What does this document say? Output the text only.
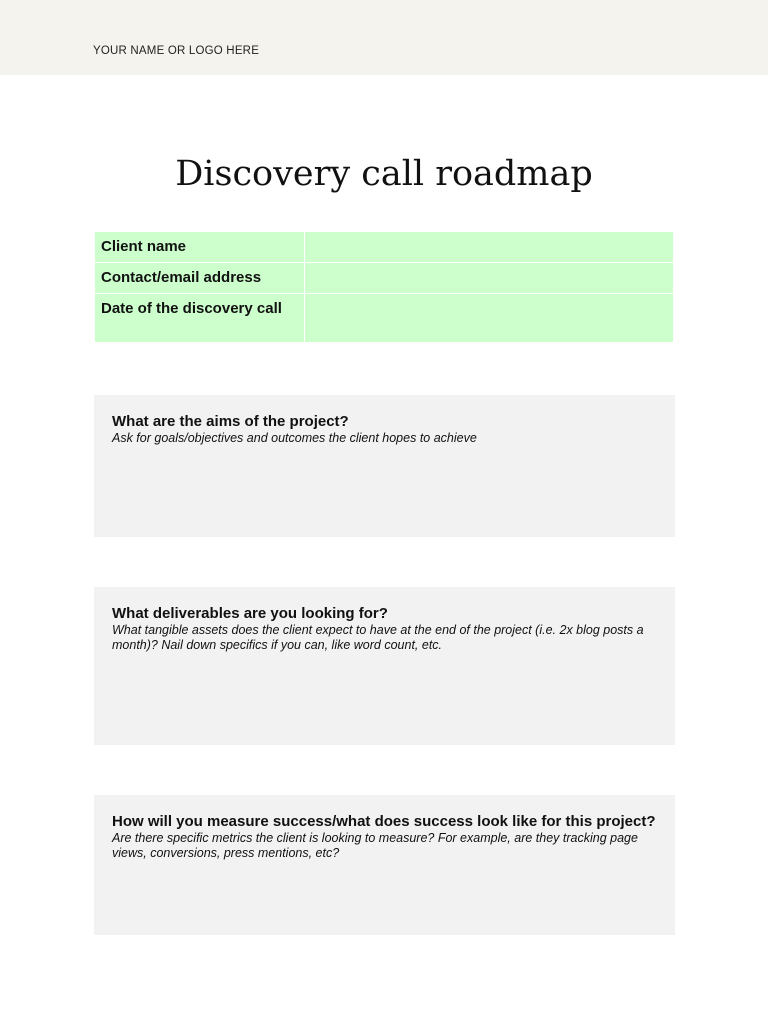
YOUR NAME OR LOGO HERE
Discovery call roadmap
Client name	
Contact/email address	
Date of the discovery call	

What are the aims of the project?

Ask for goals/objectives and outcomes the client hopes to achieve

What deliverables are you looking for?

What tangible assets does the client expect to have at the end of the project (i.e. 2x blog posts a month)? Nail down specifics if you can, like word count, etc.

How will you measure success/what does success look like for this project?

Are there specific metrics the client is looking to measure? For example, are they tracking page views, conversions, press mentions, etc?
